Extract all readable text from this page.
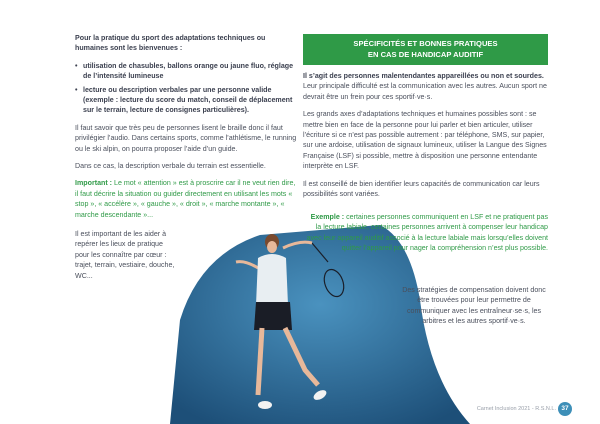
Pour la pratique du sport des adaptations techniques ou humaines sont les bienvenues :

• utilisation de chasubles, ballons orange ou jaune fluo, réglage de l’intensité lumineuse
• lecture ou description verbales par une personne valide (exemple : lecture du score du match, conseil de déplacement sur le terrain, lecture de consignes particulières).

Il faut savoir que très peu de personnes lisent le braille donc il faut privilégier l’audio. Dans certains sports, comme l’athlétisme, le running ou le ski alpin, on pourra proposer l’aide d’un guide.

Dans ce cas, la description verbale du terrain est essentielle.

Important : Le mot « attention » est à proscrire car il ne veut rien dire, il faut décrire la situation ou guider directement en utilisant les mots « stop », « accélère », « gauche », « droit », « marche montante », « marche descendante »...

Il est important de les aider à repérer les lieux de pratique pour les connaître par cœur : trajet, terrain, vestiaire, douche, WC...
SPÉCIFICITÉS ET BONNES PRATIQUES
EN CAS DE HANDICAP AUDITIF

Il s’agit des personnes malentendantes appareillées ou non et sourdes. Leur principale difficulté est la communication avec les autres. Aucun sport ne devrait être un frein pour ces sportif·ve·s.

Les grands axes d’adaptations techniques et humaines possibles sont : se mettre bien en face de la personne pour lui parler et bien articuler, utiliser l’écriture si ce n’est pas possible autrement : par téléphone, SMS, sur papier, sur une ardoise, utilisation de signaux lumineux, utiliser la Langue des Signes Française (LSF) si possible, mettre à disposition une personne entendante interprète en LSF.

Il est conseillé de bien identifier leurs capacités de communication car leurs possibilités sont variées.

Exemple : certaines personnes communiquent en LSF et ne pratiquent pas la lecture labiale, certaines personnes arrivent à compenser leur handicap avec leur appareil auditif associé à la lecture labiale mais lorsqu’elles doivent quitter l’appareil pour nager la compréhension n’est plus possible.
Des stratégies de compensation doivent donc être trouvées pour leur permettre de communiquer avec les entraîneur·se·s, les arbitres et les autres sportif·ve·s.
Carnet Inclusion 2021 - R.S.N.L. 37
